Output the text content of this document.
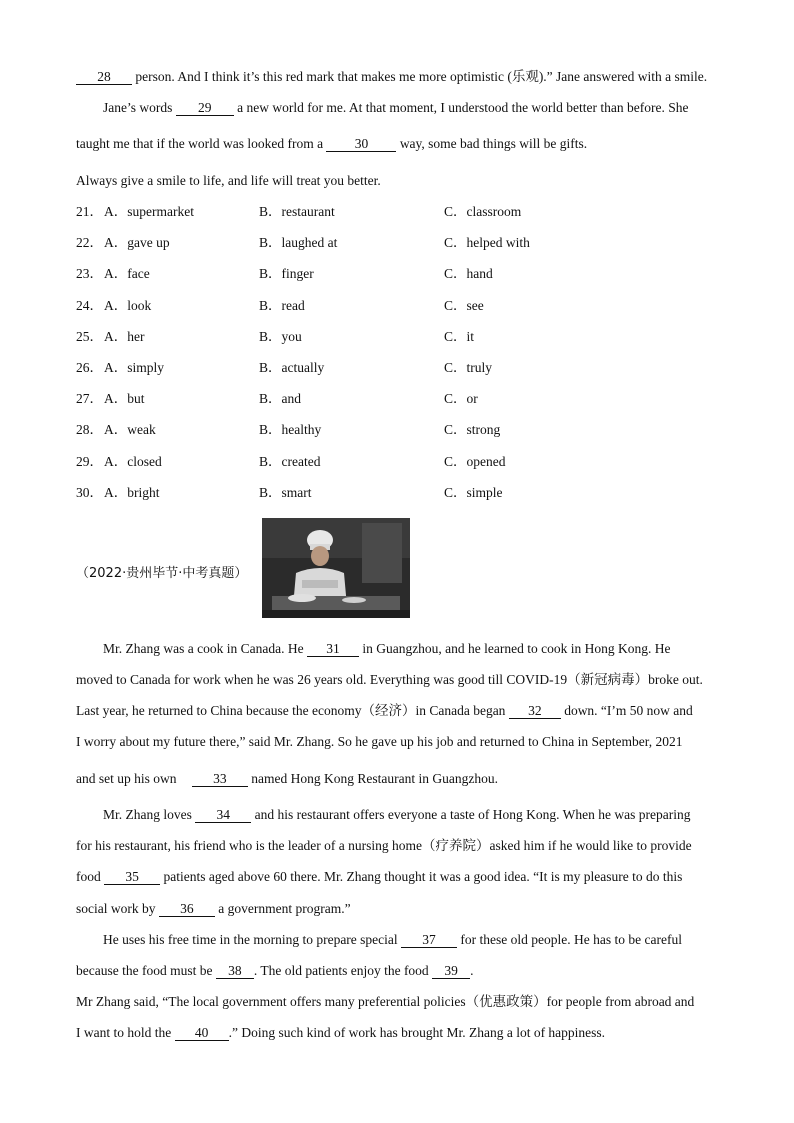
28 person. And I think it’s this red mark that makes me more optimistic (乐观).” Jane answered with a smile.
Jane’s words 29 a new world for me. At that moment, I understood the world better than before. She
taught me that if the world was looked from a 30 way, some bad things will be gifts.
Always give a smile to life, and life will treat you better.
21． A．supermarket	B．restaurant	C．classroom
22． A．gave up	B．laughed at	C．helped with
23． A．face	B．finger	C．hand
24． A．look	B．read	C．see
25． A．her	B．you	C．it
26． A．simply	B．actually	C．truly
27． A．but	B．and	C．or
28． A．weak	B．healthy	C．strong
29． A．closed	B．created	C．opened
30． A．bright	B．smart	C．simple
（2022·贵州毕节·中考真题）
Mr. Zhang was a cook in Canada. He 31 in Guangzhou, and he learned to cook in Hong Kong. He
moved to Canada for work when he was 26 years old. Everything was good till COVID-19（新冠病毒）broke out.
Last year, he returned to China because the economy（经济）in Canada began 32 down. “I’m 50 now and
I worry about my future there,” said Mr. Zhang. So he gave up his job and returned to China in September, 2021
and set up his own 33 named Hong Kong Restaurant in Guangzhou.
Mr. Zhang loves 34 and his restaurant offers everyone a taste of Hong Kong. When he was preparing
for his restaurant, his friend who is the leader of a nursing home（疗养院）asked him if he would like to provide
food 35 patients aged above 60 there. Mr. Zhang thought it was a good idea. “It is my pleasure to do this
social work by 36 a government program.”
He uses his free time in the morning to prepare special 37 for these old people. He has to be careful
because the food must be 38 . The old patients enjoy the food 39 .
Mr Zhang said, “The local government offers many preferential policies（优惠政策）for people from abroad and
I want to hold the 40 .” Doing such kind of work has brought Mr. Zhang a lot of happiness.
